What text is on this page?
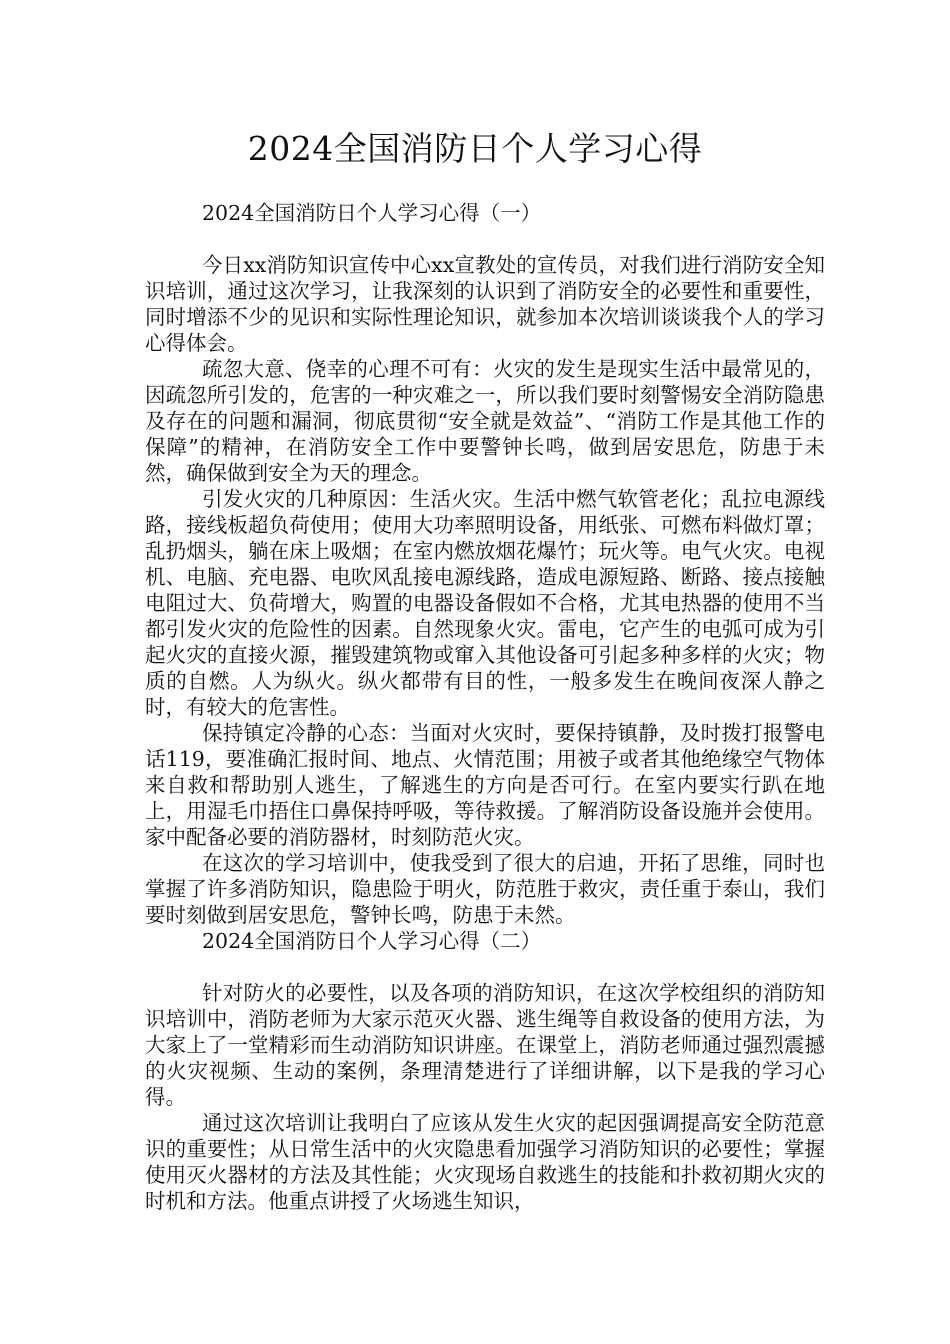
2024全国消防日个人学习心得
2024全国消防日个人学习心得（一）

今日xx消防知识宣传中心xx宣教处的宣传员，对我们进行消防安全知识培训，通过这次学习，让我深刻的认识到了消防安全的必要性和重要性，同时增添不少的见识和实际性理论知识，就参加本次培训谈谈我个人的学习心得体会。

疏忽大意、侥幸的心理不可有：火灾的发生是现实生活中最常见的，因疏忽所引发的，危害的一种灾难之一，所以我们要时刻警惕安全消防隐患及存在的问题和漏洞，彻底贯彻“安全就是效益”、“消防工作是其他工作的保障”的精神，在消防安全工作中要警钟长鸣，做到居安思危，防患于未然，确保做到安全为天的理念。

引发火灾的几种原因：生活火灾。生活中燃气软管老化；乱拉电源线路，接线板超负荷使用；使用大功率照明设备，用纸张、可燃布料做灯罩；乱扔烟头，躺在床上吸烟；在室内燃放烟花爆竹；玩火等。电气火灾。电视机、电脑、充电器、电吹风乱接电源线路，造成电源短路、断路、接点接触电阻过大、负荷增大，购置的电器设备假如不合格，尤其电热器的使用不当都引发火灾的危险性的因素。自然现象火灾。雷电，它产生的电弧可成为引起火灾的直接火源，摧毁建筑物或窜入其他设备可引起多种多样的火灾；物质的自燃。人为纵火。纵火都带有目的性，一般多发生在晚间夜深人静之时，有较大的危害性。

保持镇定冷静的心态：当面对火灾时，要保持镇静，及时拨打报警电话119，要准确汇报时间、地点、火情范围；用被子或者其他绝缘空气物体来自救和帮助别人逃生，了解逃生的方向是否可行。在室内要实行趴在地上，用湿毛巾捂住口鼻保持呼吸，等待救援。了解消防设备设施并会使用。家中配备必要的消防器材，时刻防范火灾。

在这次的学习培训中，使我受到了很大的启迪，开拓了思维，同时也掌握了许多消防知识，隐患险于明火，防范胜于救灾，责任重于泰山，我们要时刻做到居安思危，警钟长鸣，防患于未然。

2024全国消防日个人学习心得（二）

针对防火的必要性，以及各项的消防知识，在这次学校组织的消防知识培训中，消防老师为大家示范灭火器、逃生绳等自救设备的使用方法，为大家上了一堂精彩而生动消防知识讲座。在课堂上，消防老师通过强烈震撼的火灾视频、生动的案例，条理清楚进行了详细讲解，以下是我的学习心得。

通过这次培训让我明白了应该从发生火灾的起因强调提高安全防范意识的重要性；从日常生活中的火灾隐患看加强学习消防知识的必要性；掌握使用灭火器材的方法及其性能；火灾现场自救逃生的技能和扑救初期火灾的时机和方法。他重点讲授了火场逃生知识，
